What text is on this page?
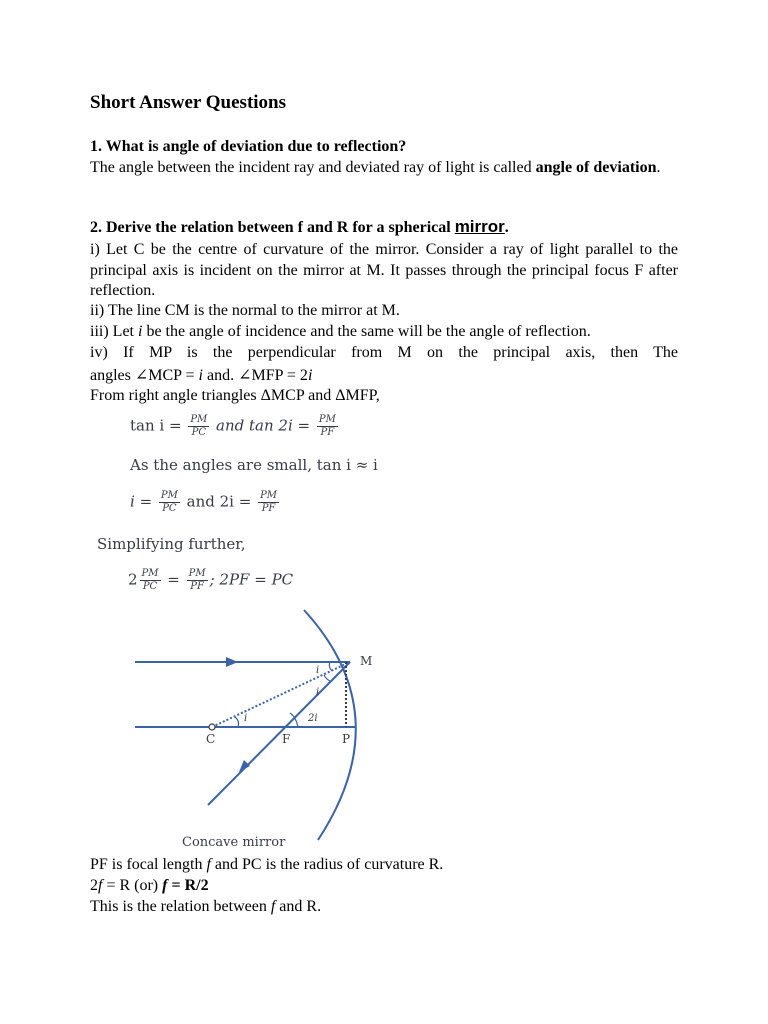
Short Answer Questions
1. What is angle of deviation due to reflection?
The angle between the incident ray and deviated ray of light is called angle of deviation.
2. Derive the relation between f and R for a spherical mirror.
i) Let C be the centre of curvature of the mirror. Consider a ray of light parallel to the principal axis is incident on the mirror at M. It passes through the principal focus F after reflection.
ii) The line CM is the normal to the mirror at M.
iii) Let i be the angle of incidence and the same will be the angle of reflection.
iv) If MP is the perpendicular from M on the principal axis, then The
angles ∠MCP = i and. ∠MFP = 2i
From right angle triangles ΔMCP and ΔMFP,
PF is focal length f and PC is the radius of curvature R.
2f = R (or) f = R/2
This is the relation between f and R.
$\tan i = \frac{PM}{PC}$ and $\tan 2i = \frac{PM}{PF}$
As the angles are small, tan i ≈ i
$i = \frac{PM}{PC}$ and $2i = \frac{PM}{PF}$
Simplifying further,
$2 \frac{PM}{PC} = \frac{PM}{PF}$ ; 2PF = PC
M
C	F	P
i
i
i	2i
Concave mirror
